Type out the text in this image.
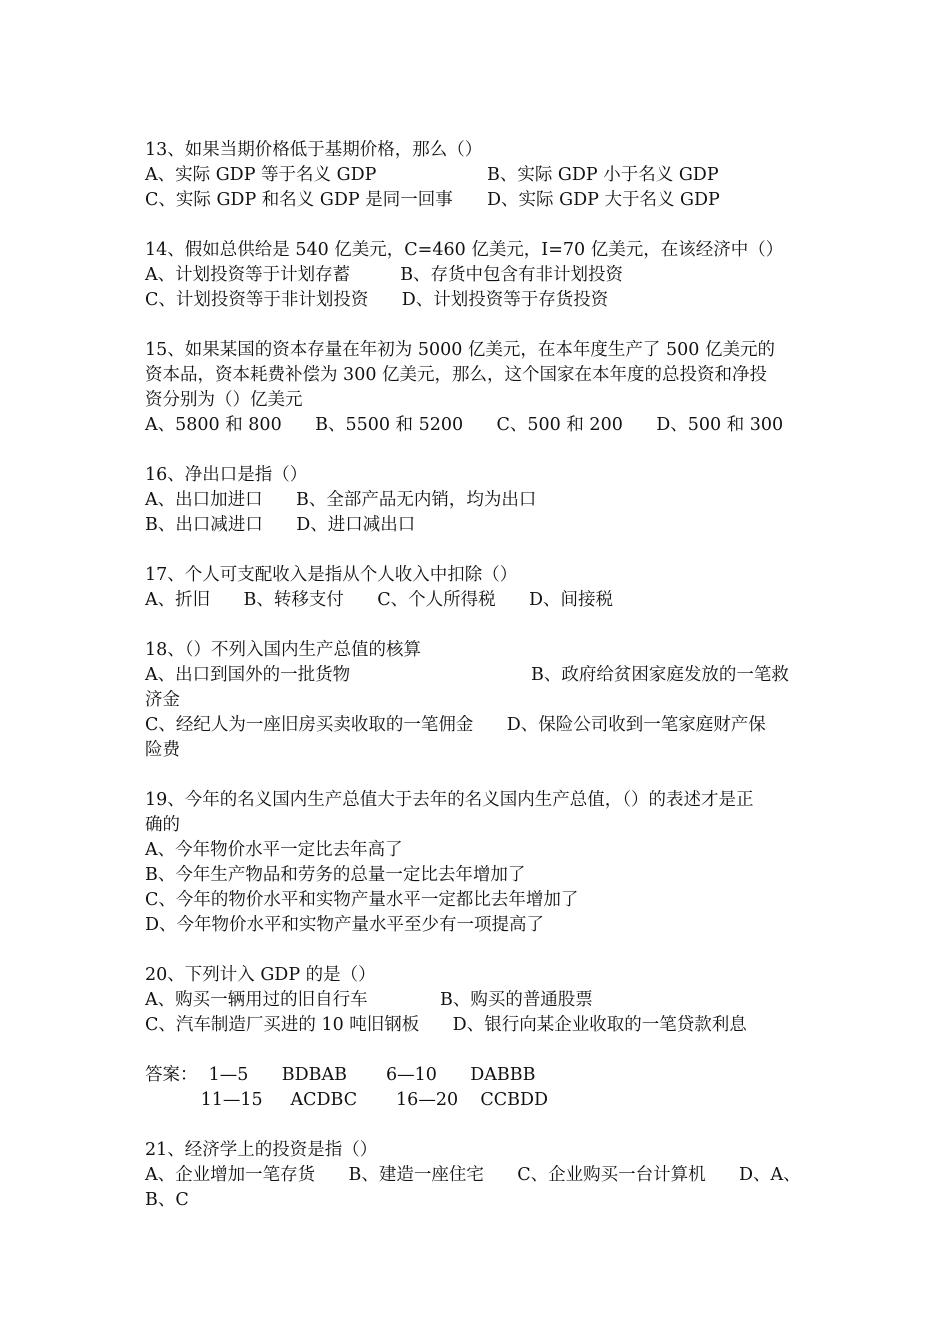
13、如果当期价格低于基期价格，那么（）
A、实际 GDP 等于名义 GDP	B、实际 GDP 小于名义 GDP
C、实际 GDP 和名义 GDP 是同一回事	D、实际 GDP 大于名义 GDP
14、假如总供给是 540 亿美元，C=460 亿美元，I=70 亿美元，在该经济中（）
A、计划投资等于计划存蓄         B、存货中包含有非计划投资
C、计划投资等于非计划投资      D、计划投资等于存货投资
15、如果某国的资本存量在年初为 5000 亿美元，在本年度生产了 500 亿美元的
资本品，资本耗费补偿为 300 亿美元，那么，这个国家在本年度的总投资和净投
资分别为（）亿美元
A、5800 和 800      B、5500 和 5200      C、500 和 200      D、500 和 300
16、净出口是指（）
A、出口加进口      B、全部产品无内销，均为出口
B、出口减进口      D、进口减出口
17、个人可支配收入是指从个人收入中扣除（）
A、折旧      B、转移支付      C、个人所得税      D、间接税
18、（）不列入国内生产总值的核算
A、出口到国外的一批货物	B、政府给贫困家庭发放的一笔救
济金
C、经纪人为一座旧房买卖收取的一笔佣金      D、保险公司收到一笔家庭财产保
险费
19、今年的名义国内生产总值大于去年的名义国内生产总值，（）的表述才是正
确的
A、今年物价水平一定比去年高了
B、今年生产物品和劳务的总量一定比去年增加了
C、今年的物价水平和实物产量水平一定都比去年增加了
D、今年物价水平和实物产量水平至少有一项提高了
20、下列计入 GDP 的是（）
A、购买一辆用过的旧自行车             B、购买的普通股票
C、汽车制造厂买进的 10 吨旧钢板      D、银行向某企业收取的一笔贷款利息
答案：  1—5      BDBAB       6—10      DABBB
11—15     ACDBC       16—20    CCBDD
21、经济学上的投资是指（）
A、企业增加一笔存货      B、建造一座住宅      C、企业购买一台计算机      D、A、
B、C
